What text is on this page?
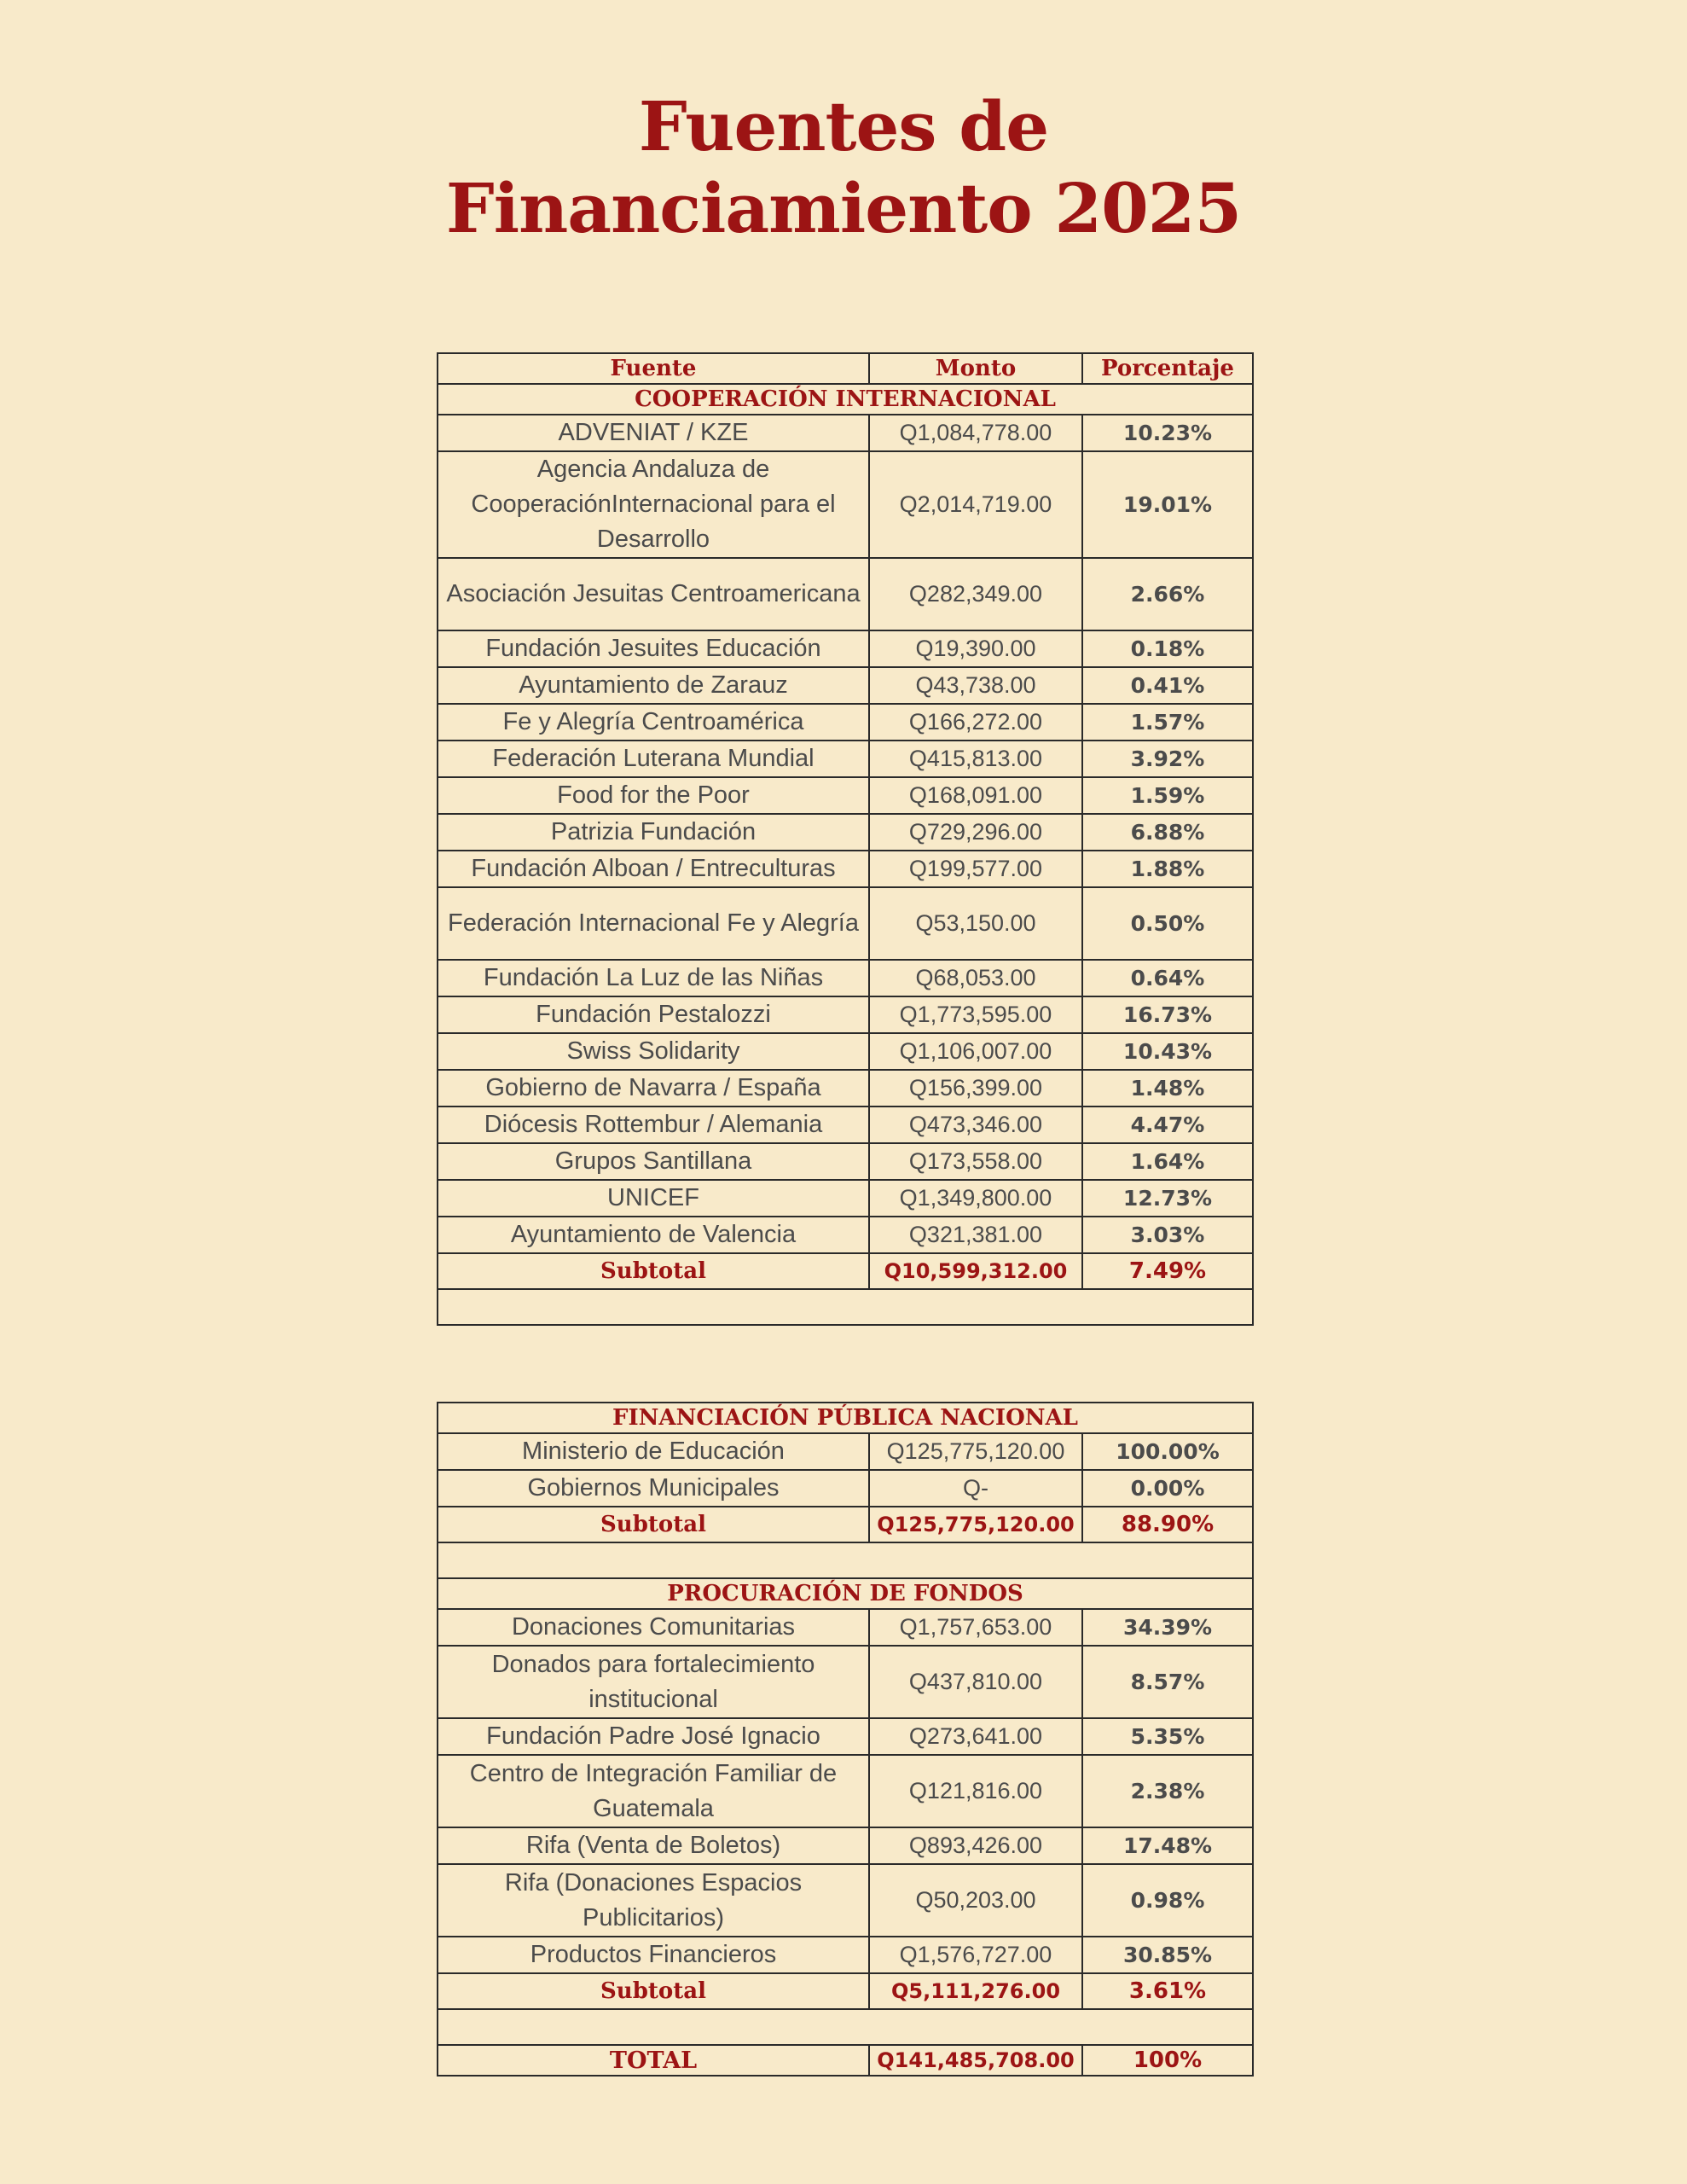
Fuentes de
Financiamiento 2025
Fuente	Monto	Porcentaje
COOPERACIÓN INTERNACIONAL		
ADVENIAT / KZE	Q1,084,778.00	10.23%
Agencia Andaluza de CooperaciónInternacional para el Desarrollo	Q2,014,719.00	19.01%
Asociación Jesuitas Centroamericana	Q282,349.00	2.66%
Fundación Jesuites Educación	Q19,390.00	0.18%
Ayuntamiento de Zarauz	Q43,738.00	0.41%
Fe y Alegría Centroamérica	Q166,272.00	1.57%
Federación Luterana Mundial	Q415,813.00	3.92%
Food for the Poor	Q168,091.00	1.59%
Patrizia Fundación	Q729,296.00	6.88%
Fundación Alboan / Entreculturas	Q199,577.00	1.88%
Federación Internacional Fe y Alegría	Q53,150.00	0.50%
Fundación La Luz de las Niñas	Q68,053.00	0.64%
Fundación Pestalozzi	Q1,773,595.00	16.73%
Swiss Solidarity	Q1,106,007.00	10.43%
Gobierno de Navarra / España	Q156,399.00	1.48%
Diócesis Rottembur / Alemania	Q473,346.00	4.47%
Grupos Santillana	Q173,558.00	1.64%
UNICEF	Q1,349,800.00	12.73%
Ayuntamiento de Valencia	Q321,381.00	3.03%
Subtotal	Q10,599,312.00	7.49%

FINANCIACIÓN PÚBLICA NACIONAL		
Ministerio de Educación	Q125,775,120.00	100.00%
Gobiernos Municipales	Q-	0.00%
Subtotal	Q125,775,120.00	88.90%

PROCURACIÓN DE FONDOS		
Donaciones Comunitarias	Q1,757,653.00	34.39%
Donados para fortalecimiento institucional	Q437,810.00	8.57%
Fundación Padre José Ignacio	Q273,641.00	5.35%
Centro de Integración Familiar de Guatemala	Q121,816.00	2.38%
Rifa (Venta de Boletos)	Q893,426.00	17.48%
Rifa (Donaciones Espacios Publicitarios)	Q50,203.00	0.98%
Productos Financieros	Q1,576,727.00	30.85%
Subtotal	Q5,111,276.00	3.61%

TOTAL	Q141,485,708.00	100%
